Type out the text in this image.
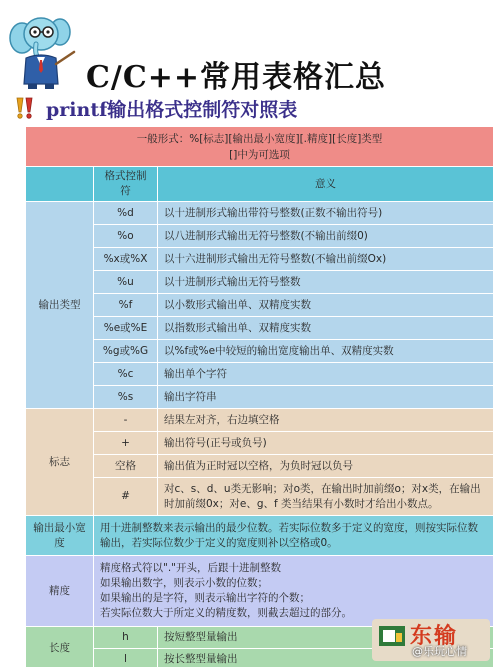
C/C++常用表格汇总
printf输出格式控制符对照表
一般形式：%[标志][输出最小宽度][.精度][长度]类型
[]中为可选项		

	格式控制符	意义
输出类型	%d	以十进制形式输出带符号整数(正数不输出符号)
	%o	以八进制形式输出无符号整数(不输出前缀0)
	%x或%X	以十六进制形式输出无符号整数(不输出前缀Ox)
	%u	以十进制形式输出无符号整数
	%f	以小数形式输出单、双精度实数
	%e或%E	以指数形式输出单、双精度实数
	%g或%G	以%f或%e中较短的输出宽度输出单、双精度实数
	%c	输出单个字符
	%s	输出字符串
标志	-	结果左对齐，右边填空格
	+	输出符号(正号或负号)
	空格	输出值为正时冠以空格，为负时冠以负号
	#	对c、s、d、u类无影响；对o类，在输出时加前缀o；对x类，在输出时加前缀0x；对e、g、f 类当结果有小数时才给出小数点。
输出最小宽度	用十进制整数来表示输出的最少位数。若实际位数多于定义的宽度，则按实际位数输出，若实际位数少于定义的宽度则补以空格或0。	
精度	精度格式符以"."开头，后跟十进制整数
如果输出数字，则表示小数的位数；
如果输出的是字符，则表示输出字符的个数；
若实际位数大于所定义的精度数，则截去超过的部分。	

长度	h	按短整型量输出
	l	按长整型量输出
东输
@乐玩心情
